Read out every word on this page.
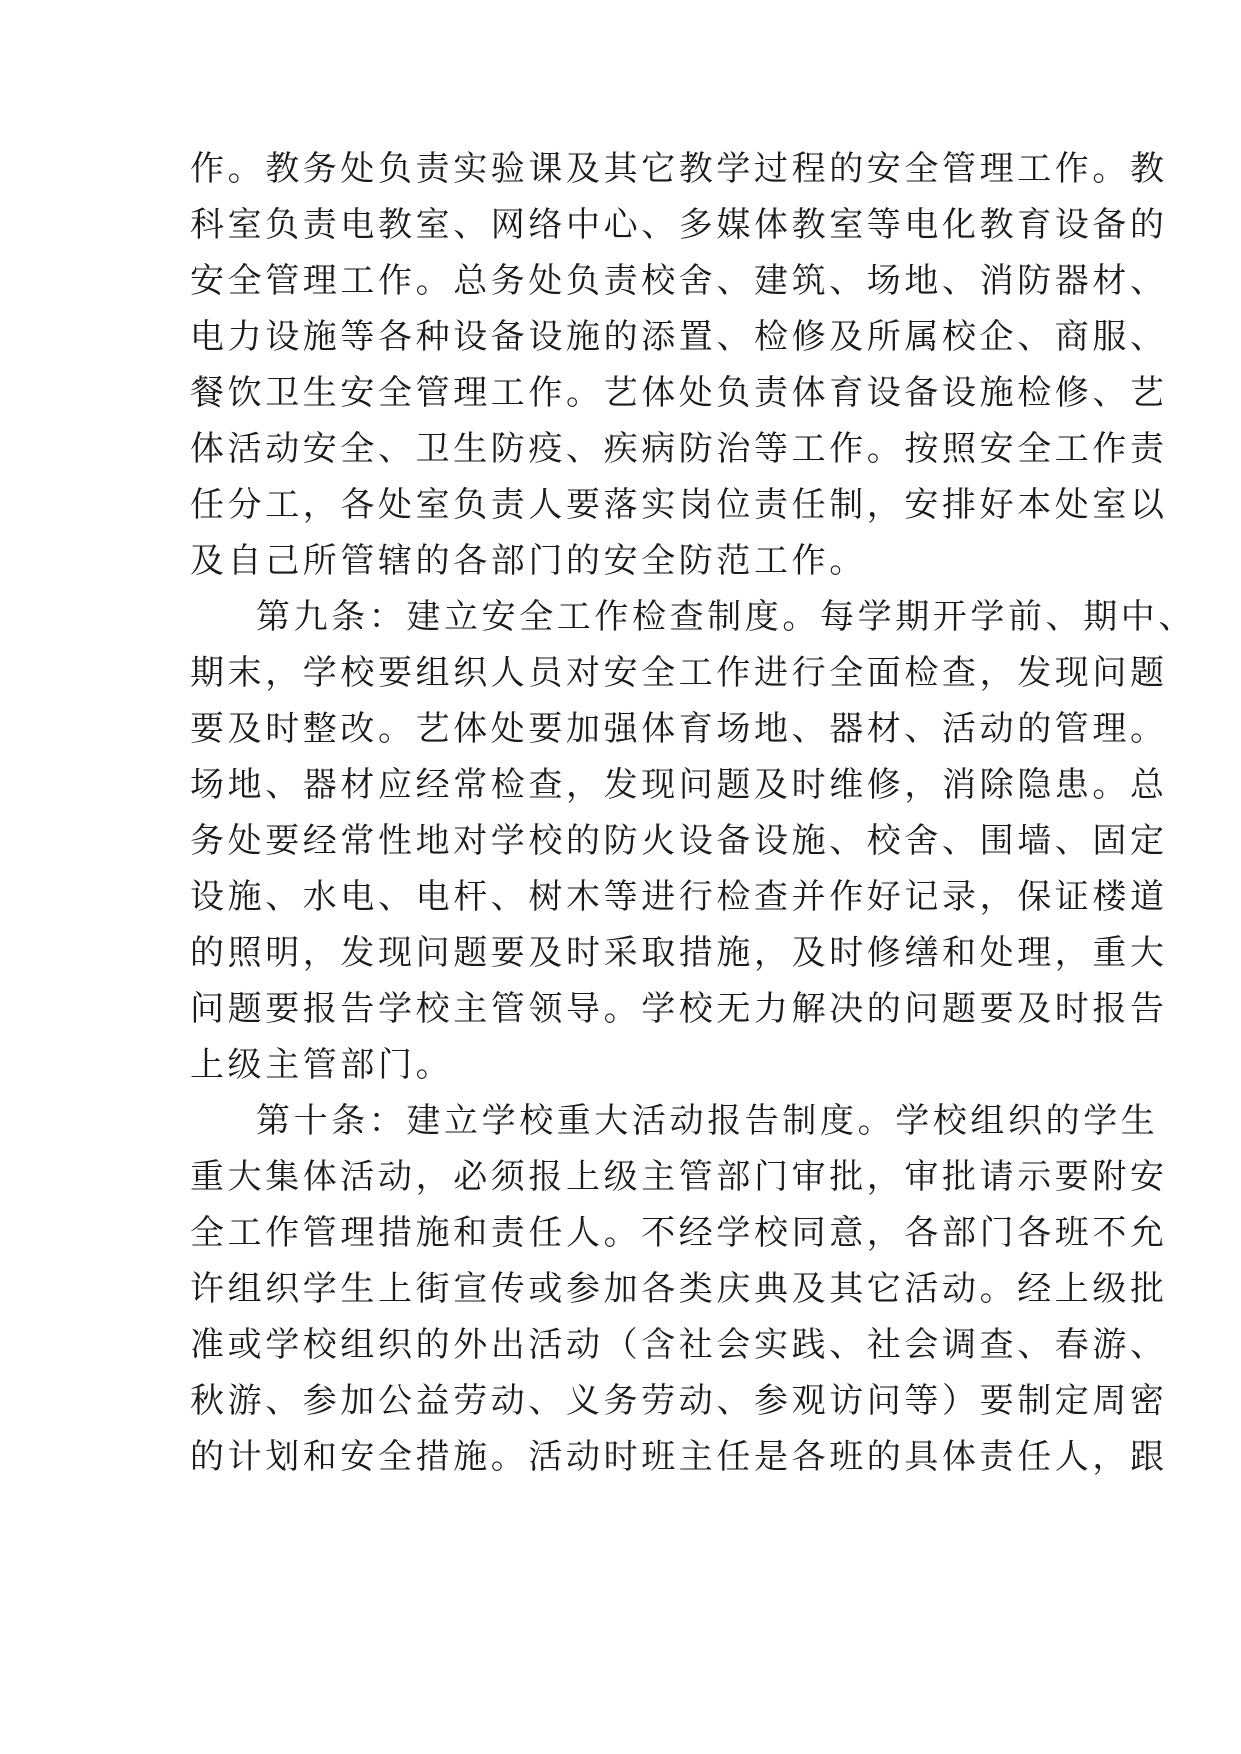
作。教务处负责实验课及其它教学过程的安全管理工作。教
科室负责电教室、网络中心、多媒体教室等电化教育设备的
安全管理工作。总务处负责校舍、建筑、场地、消防器材、
电力设施等各种设备设施的添置、检修及所属校企、商服、
餐饮卫生安全管理工作。艺体处负责体育设备设施检修、艺
体活动安全、卫生防疫、疾病防治等工作。按照安全工作责
任分工，各处室负责人要落实岗位责任制，安排好本处室以
及自己所管辖的各部门的安全防范工作。
第九条：建立安全工作检查制度。每学期开学前、期中、
期末，学校要组织人员对安全工作进行全面检查，发现问题
要及时整改。艺体处要加强体育场地、器材、活动的管理。
场地、器材应经常检查，发现问题及时维修，消除隐患。总
务处要经常性地对学校的防火设备设施、校舍、围墙、固定
设施、水电、电杆、树木等进行检查并作好记录，保证楼道
的照明，发现问题要及时采取措施，及时修缮和处理，重大
问题要报告学校主管领导。学校无力解决的问题要及时报告
上级主管部门。
第十条：建立学校重大活动报告制度。学校组织的学生
重大集体活动，必须报上级主管部门审批，审批请示要附安
全工作管理措施和责任人。不经学校同意，各部门各班不允
许组织学生上街宣传或参加各类庆典及其它活动。经上级批
准或学校组织的外出活动（含社会实践、社会调查、春游、
秋游、参加公益劳动、义务劳动、参观访问等）要制定周密
的计划和安全措施。活动时班主任是各班的具体责任人，跟
